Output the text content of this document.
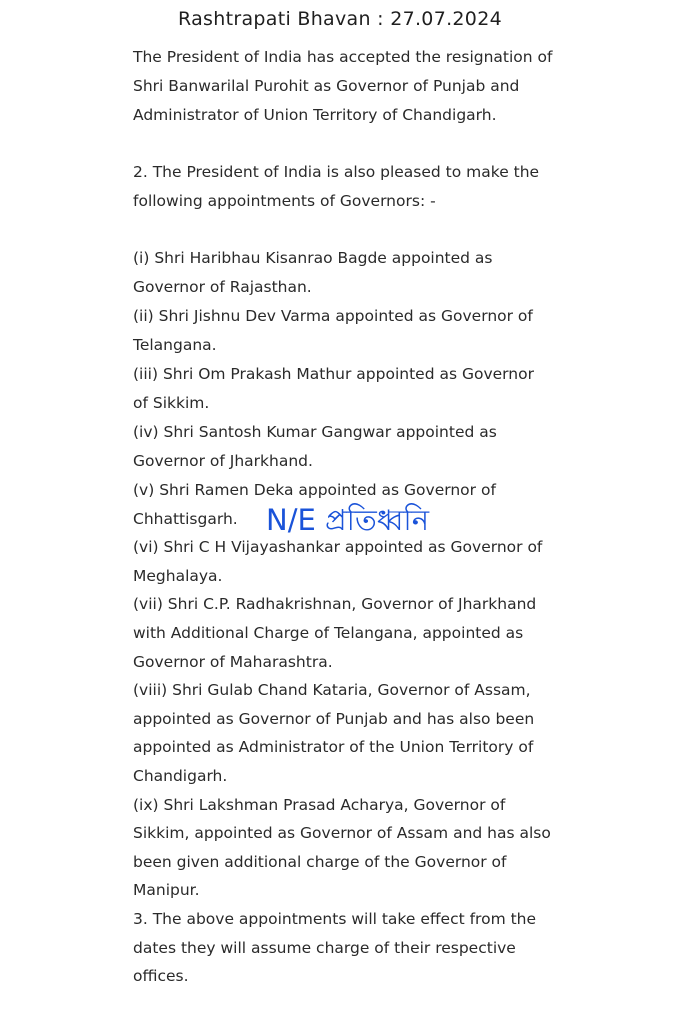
Rashtrapati Bhavan : 27.07.2024
The President of India has accepted the resignation of
Shri Banwarilal Purohit as Governor of Punjab and
Administrator of Union Territory of Chandigarh.
2. The President of India is also pleased to make the
following appointments of Governors: -
(i) Shri Haribhau Kisanrao Bagde appointed as
Governor of Rajasthan.
(ii) Shri Jishnu Dev Varma appointed as Governor of
Telangana.
(iii) Shri Om Prakash Mathur appointed as Governor
of Sikkim.
(iv) Shri Santosh Kumar Gangwar appointed as
Governor of Jharkhand.
(v) Shri Ramen Deka appointed as Governor of
Chhattisgarh.
(vi) Shri C H Vijayashankar appointed as Governor of
Meghalaya.
(vii) Shri C.P. Radhakrishnan, Governor of Jharkhand
with Additional Charge of Telangana, appointed as
Governor of Maharashtra.
(viii) Shri Gulab Chand Kataria, Governor of Assam,
appointed as Governor of Punjab and has also been
appointed as Administrator of the Union Territory of
Chandigarh.
(ix) Shri Lakshman Prasad Acharya, Governor of
Sikkim, appointed as Governor of Assam and has also
been given additional charge of the Governor of
Manipur.
3. The above appointments will take effect from the
dates they will assume charge of their respective
offices.
N/E প্রতিধ্বনি
